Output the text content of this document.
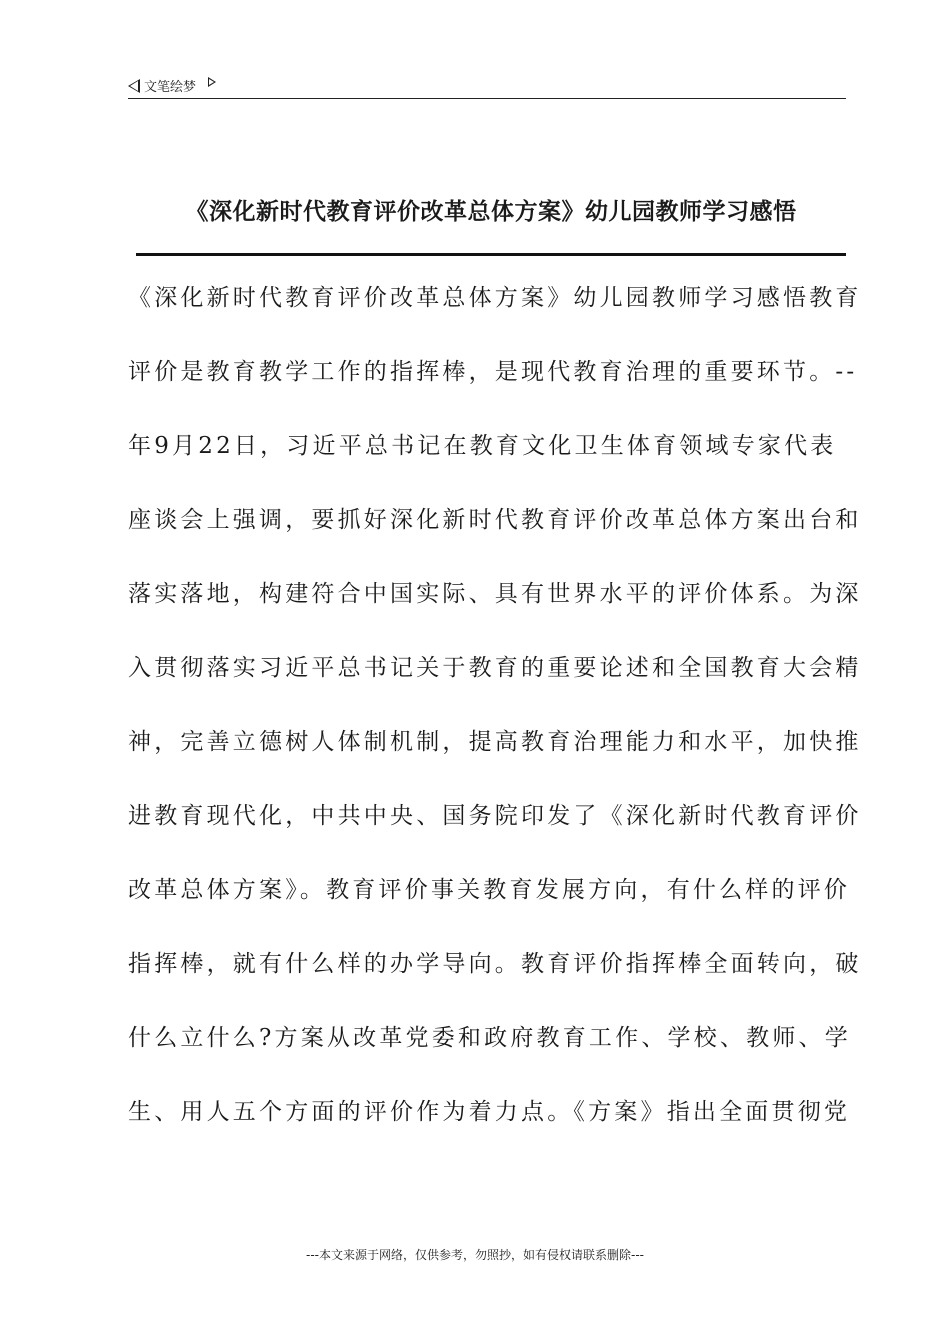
文笔绘梦
《深化新时代教育评价改革总体方案》幼儿园教师学习感悟
《深化新时代教育评价改革总体方案》幼儿园教师学习感悟教育
评价是教育教学工作的指挥棒，是现代教育治理的重要环节。--
年9月22日，习近平总书记在教育文化卫生体育领域专家代表
座谈会上强调，要抓好深化新时代教育评价改革总体方案出台和
落实落地，构建符合中国实际、具有世界水平的评价体系。为深
入贯彻落实习近平总书记关于教育的重要论述和全国教育大会精
神，完善立德树人体制机制，提高教育治理能力和水平，加快推
进教育现代化，中共中央、国务院印发了《深化新时代教育评价
改革总体方案》。教育评价事关教育发展方向，有什么样的评价
指挥棒，就有什么样的办学导向。教育评价指挥棒全面转向，破
什么立什么?方案从改革党委和政府教育工作、学校、教师、学
生、用人五个方面的评价作为着力点。《方案》指出全面贯彻党
---本文来源于网络，仅供参考，勿照抄，如有侵权请联系删除---
